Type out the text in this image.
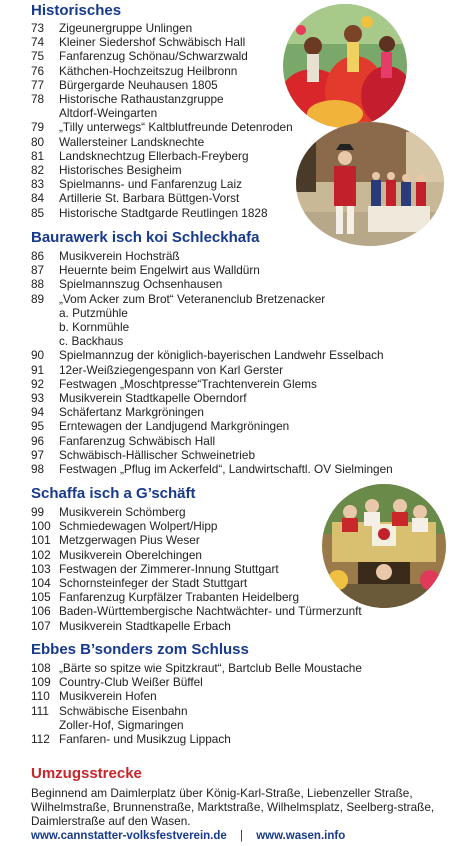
Historisches
73	Zigeunergruppe Unlingen
74	Kleiner Siedershof Schwäbisch Hall
75	Fanfarenzug Schönau/Schwarzwald
76	Käthchen-Hochzeitszug Heilbronn
77	Bürgergarde Neuhausen 1805
78	Historische Rathaustanzgruppe
Altdorf-Weingarten
79	„Tilly unterwegs“ Kaltblutfreunde Detenroden
80	Wallersteiner Landsknechte
81	Landsknechtzug Ellerbach-Freyberg
82	Historisches Besigheim
83	Spielmanns- und Fanfarenzug Laiz
84	Artillerie St. Barbara Büttgen-Vorst
85	Historische Stadtgarde Reutlingen 1828
Baurawerk isch koi Schleckhafa
86	Musikverein Hochsträß
87	Heuernte beim Engelwirt aus Walldürn
88	Spielmannszug Ochsenhausen
89	„Vom Acker zum Brot“ Veteranenclub Bretzenacker
a. Putzmühle
b. Kornmühle
c. Backhaus
90	Spielmannzug der königlich-bayerischen Landwehr Esselbach
91	12er-Weißziegengespann von Karl Gerster
92	Festwagen „Moschtpresse“Trachtenverein Glems
93	Musikverein Stadtkapelle Oberndorf
94	Schäfertanz Markgröningen
95	Erntewagen der Landjugend Markgröningen
96	Fanfarenzug Schwäbisch Hall
97	Schwäbisch-Hällischer Schweinetrieb
98	Festwagen „Pflug im Ackerfeld“, Landwirtschaftl. OV Sielmingen
Schaffa isch a G’schäft
99	Musikverein Schömberg
100 Schmiedewagen Wolpert/Hipp
101 Metzgerwagen Pius Weser
102 Musikverein Oberelchingen
103 Festwagen der Zimmerer-Innung Stuttgart
104 Schornsteinfeger der Stadt Stuttgart
105 Fanfarenzug Kurpfälzer Trabanten Heidelberg
106 Baden-Württembergische Nachtwächter- und Türmerzunft
107 Musikverein Stadtkapelle Erbach
Ebbes B’sonders zom Schluss
108 „Bärte so spitze wie Spitzkraut“, Bartclub Belle Moustache
109 Country-Club Weißer Büffel
110 Musikverein Hofen
111 Schwäbische Eisenbahn
Zoller-Hof, Sigmaringen
112 Fanfaren- und Musikzug Lippach
Umzugsstrecke
Beginnend am Daimlerplatz über König-Karl-Straße, Liebenzeller Straße, Wilhelmstraße, Brunnenstraße, Marktstraße, Wilhelmsplatz, Seelberg-straße, Daimlerstraße auf den Wasen.
www.cannstatter-volksfestverein.de | www.wasen.info
